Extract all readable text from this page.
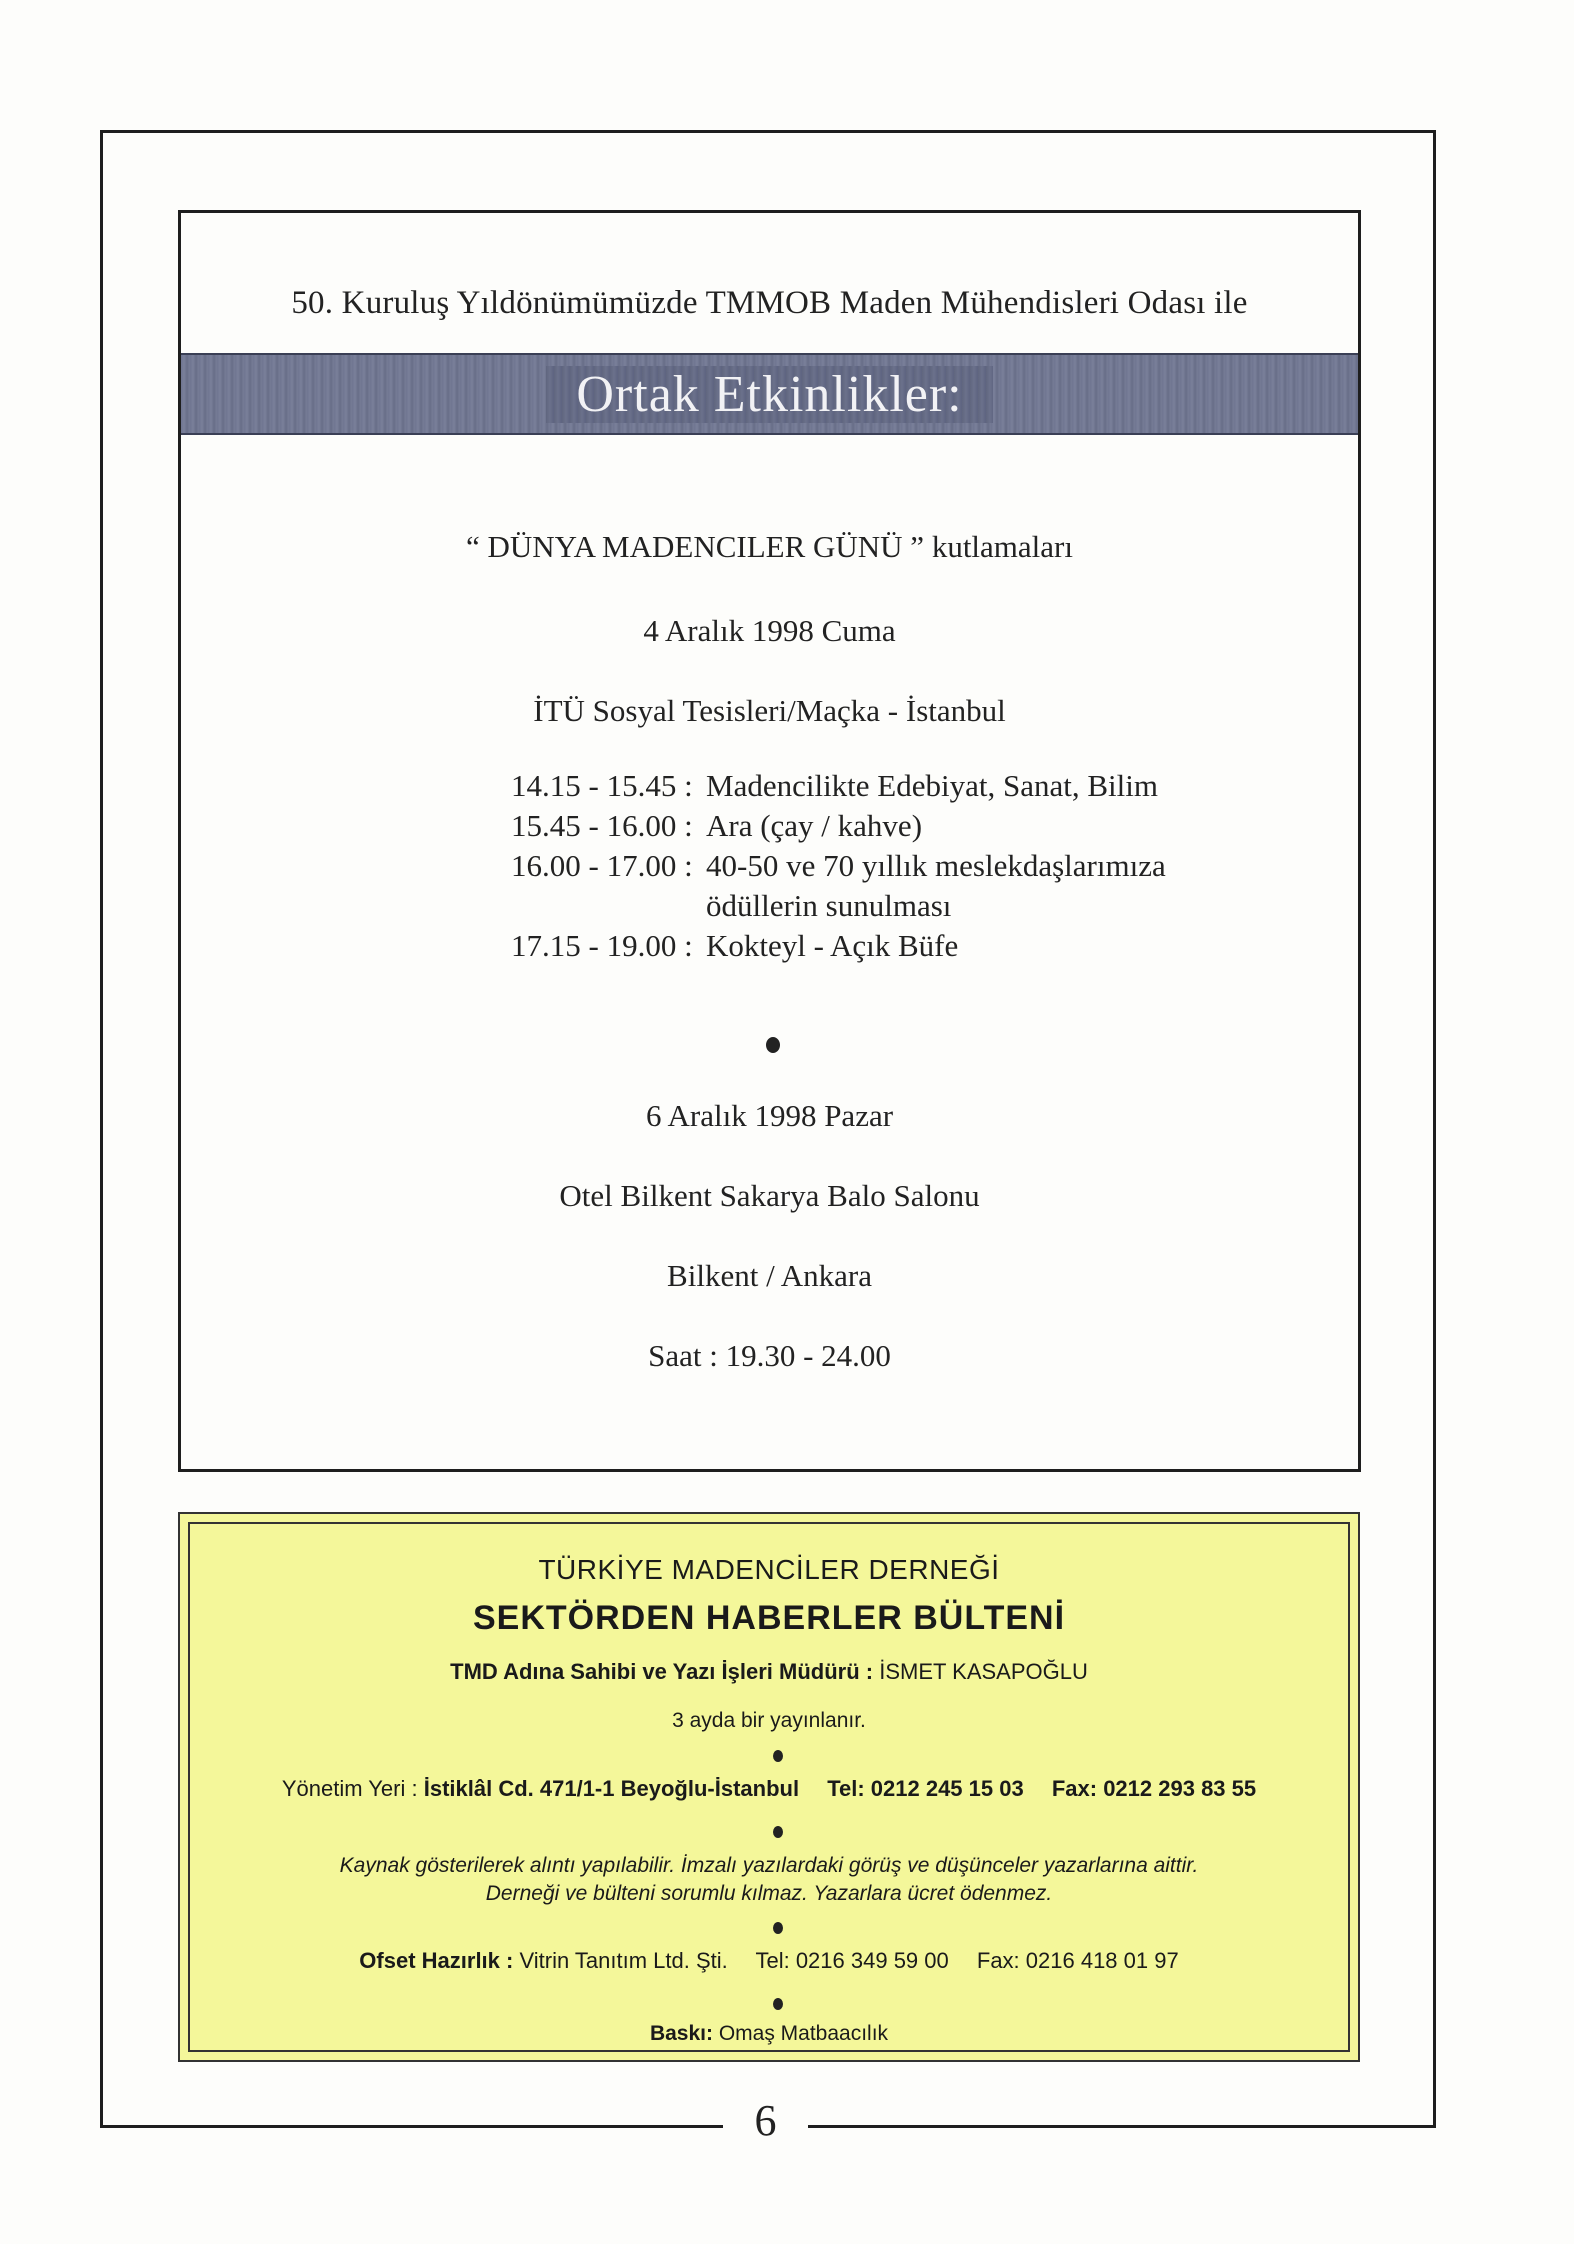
6
50. Kuruluş Yıldönümümüzde TMMOB Maden Mühendisleri Odası ile
Ortak Etkinlikler:
“ DÜNYA MADENCILER GÜNÜ ” kutlamaları
4 Aralık 1998 Cuma
İTÜ Sosyal Tesisleri/Maçka - İstanbul
14.15 - 15.45 : Madencilikte Edebiyat, Sanat, Bilim
15.45 - 16.00 : Ara (çay / kahve)
16.00 - 17.00 : 40-50 ve 70 yıllık meslekdaşlarımıza
ödüllerin sunulması
17.15 - 19.00 : Kokteyl - Açık Büfe
6 Aralık 1998 Pazar
Otel Bilkent Sakarya Balo Salonu
Bilkent / Ankara
Saat : 19.30 - 24.00
TÜRKİYE MADENCİLER DERNEĞİ
SEKTÖRDEN HABERLER BÜLTENİ
TMD Adına Sahibi ve Yazı İşleri Müdürü : İSMET KASAPOĞLU
3 ayda bir yayınlanır.
Yönetim Yeri : İstiklâl Cd. 471/1-1 Beyoğlu-İstanbul Tel: 0212 245 15 03 Fax: 0212 293 83 55
Kaynak gösterilerek alıntı yapılabilir. İmzalı yazılardaki görüş ve düşünceler yazarlarına aittir.
Derneği ve bülteni sorumlu kılmaz. Yazarlara ücret ödenmez.
Ofset Hazırlık : Vitrin Tanıtım Ltd. Şti. Tel: 0216 349 59 00 Fax: 0216 418 01 97
Baskı: Omaş Matbaacılık
